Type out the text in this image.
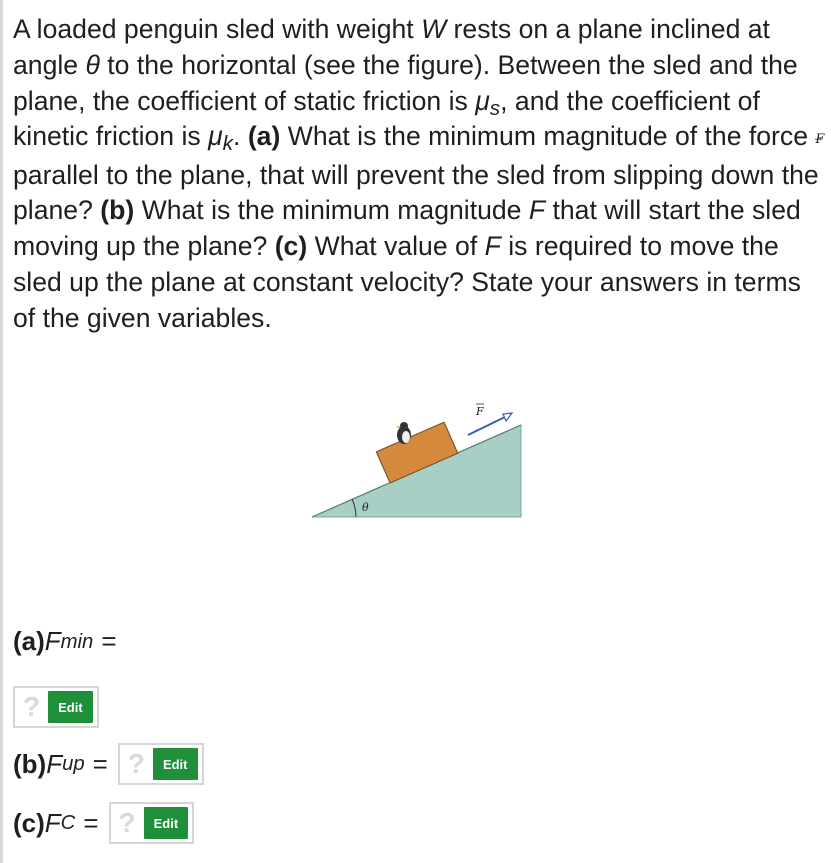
A loaded penguin sled with weight W rests on a plane inclined at angle θ to the horizontal (see the figure). Between the sled and the plane, the coefficient of static friction is $\mu_s$, and the coefficient of kinetic friction is $\mu_k$. (a) What is the minimum magnitude of the force → F parallel to the plane, that will prevent the sled from slipping down the plane? (b) What is the minimum magnitude F that will start the sled moving up the plane? (c) What value of F is required to move the sled up the plane at constant velocity? State your answers in terms of the given variables.
θ
F
(a) F min =
?	Edit
(b) F up = ?	Edit
(c) F C = ?	Edit
